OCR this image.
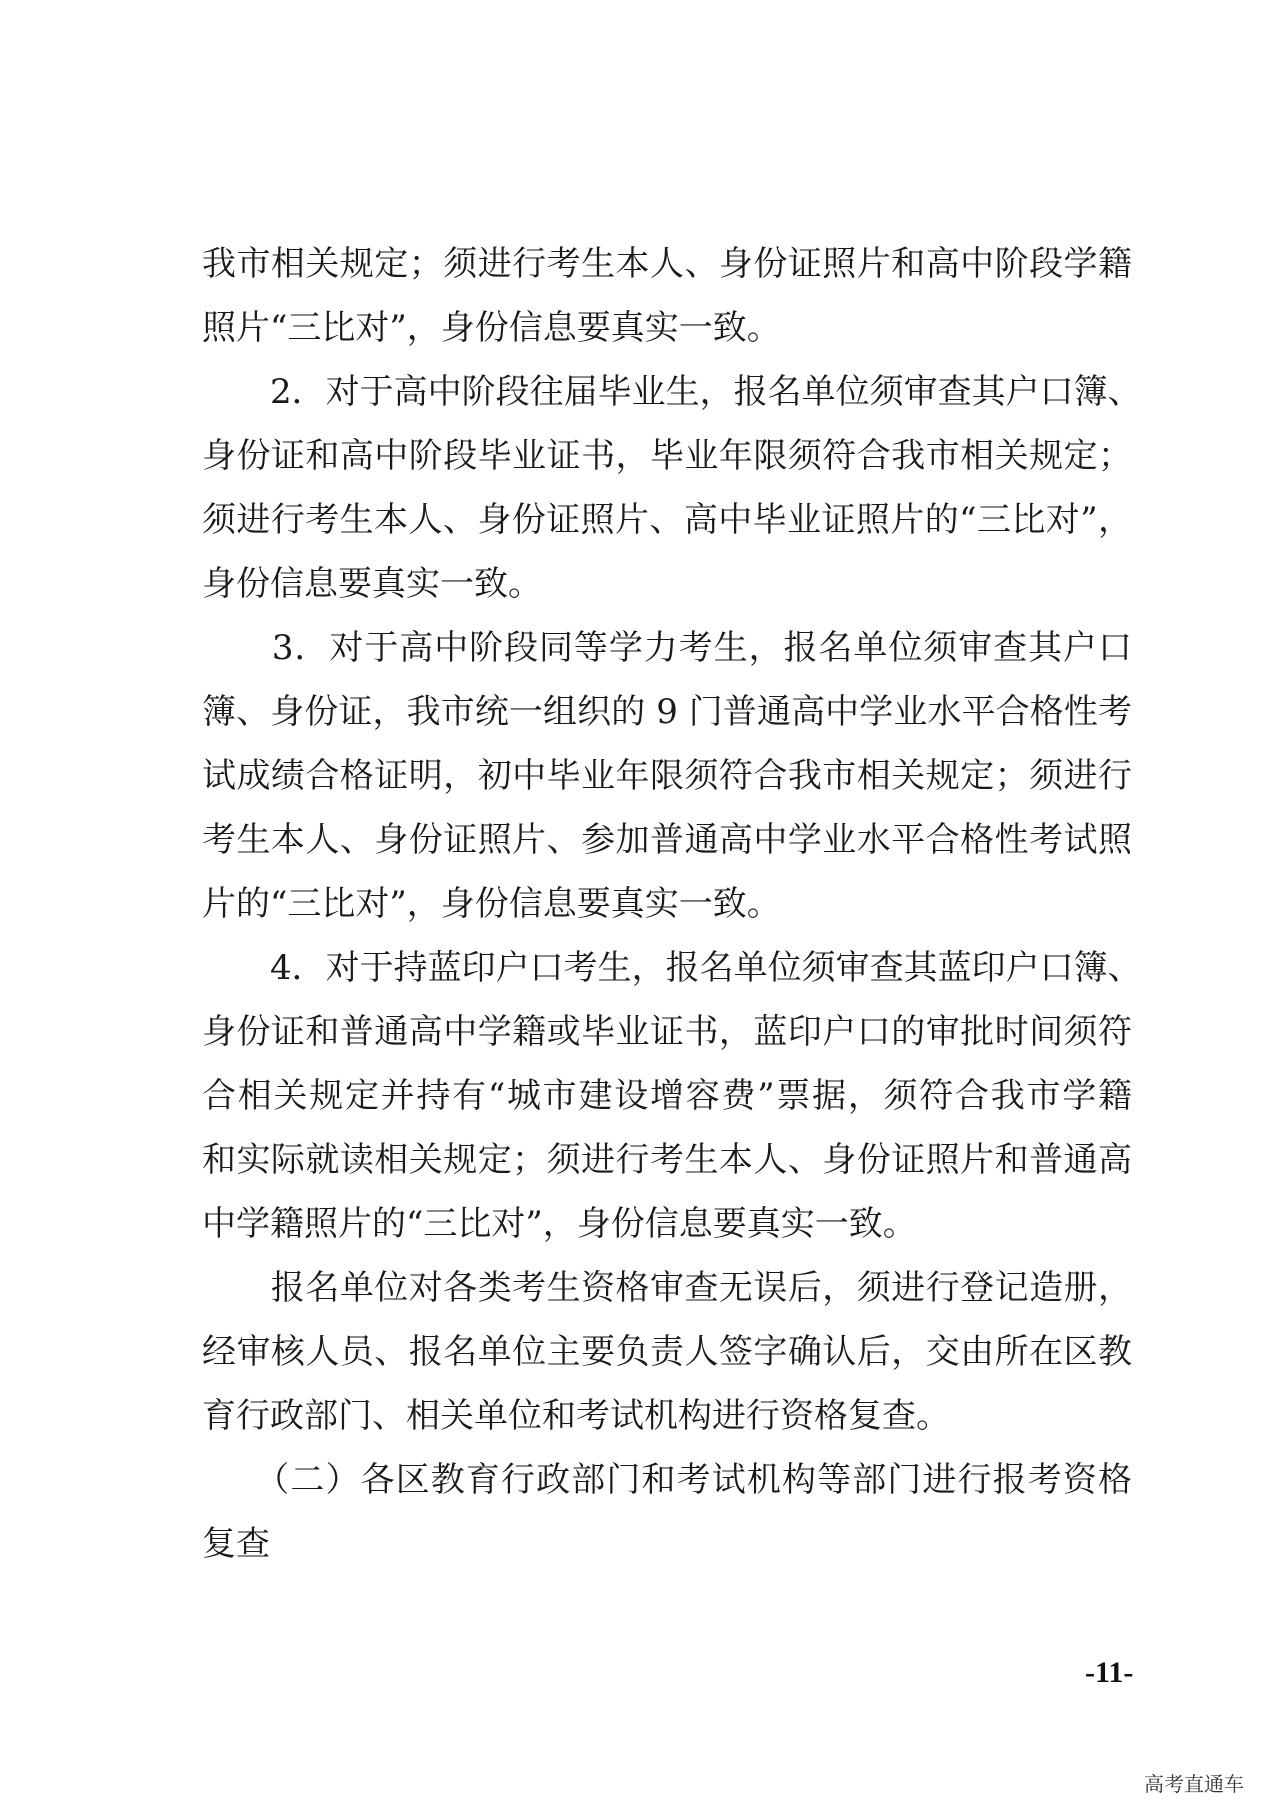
我市相关规定；须进行考生本人、身份证照片和高中阶段学籍
照片“三比对”，身份信息要真实一致。
　　2．对于高中阶段往届毕业生，报名单位须审查其户口簿、
身份证和高中阶段毕业证书，毕业年限须符合我市相关规定；
须进行考生本人、身份证照片、高中毕业证照片的“三比对”，
身份信息要真实一致。
　　3．对于高中阶段同等学力考生，报名单位须审查其户口
簿、身份证，我市统一组织的 9 门普通高中学业水平合格性考
试成绩合格证明，初中毕业年限须符合我市相关规定；须进行
考生本人、身份证照片、参加普通高中学业水平合格性考试照
片的“三比对”，身份信息要真实一致。
　　4．对于持蓝印户口考生，报名单位须审查其蓝印户口簿、
身份证和普通高中学籍或毕业证书，蓝印户口的审批时间须符
合相关规定并持有“城市建设增容费”票据，须符合我市学籍
和实际就读相关规定；须进行考生本人、身份证照片和普通高
中学籍照片的“三比对”，身份信息要真实一致。
　　报名单位对各类考生资格审查无误后，须进行登记造册，
经审核人员、报名单位主要负责人签字确认后，交由所在区教
育行政部门、相关单位和考试机构进行资格复查。
　　（二）各区教育行政部门和考试机构等部门进行报考资格
复查
-11-
高考直通车
